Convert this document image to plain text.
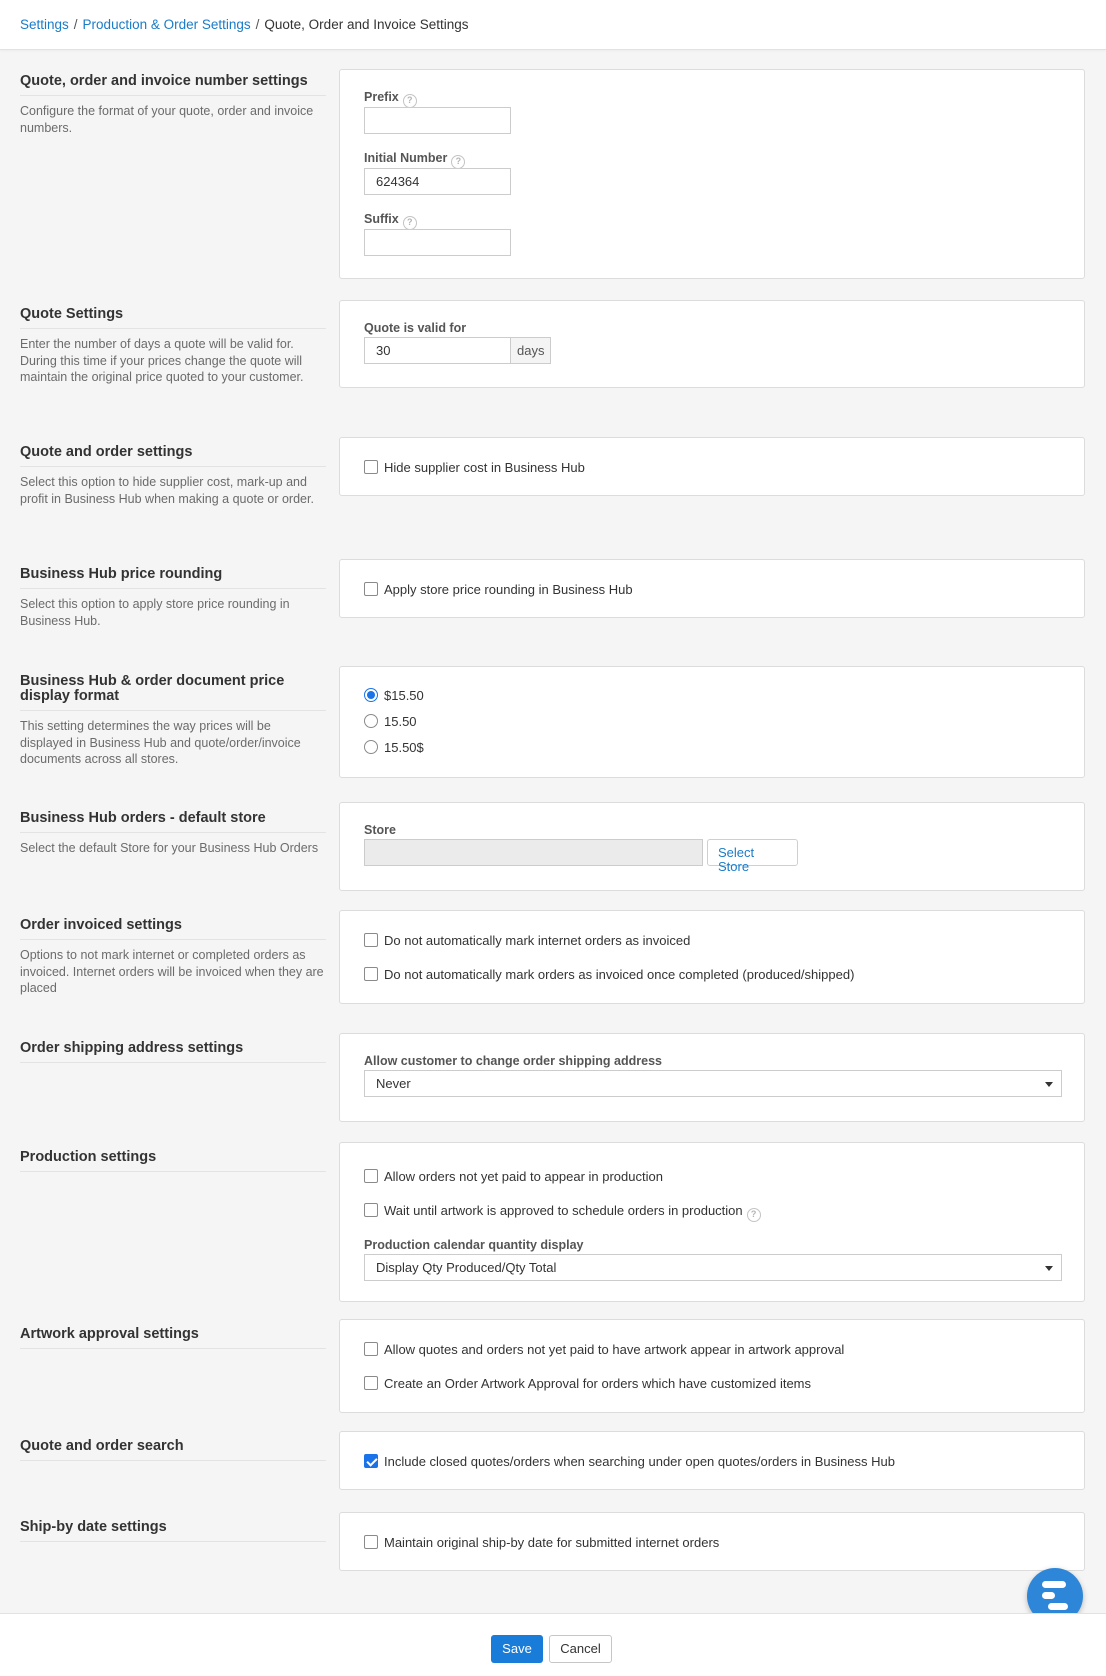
Settings / Production & Order Settings / Quote, Order and Invoice Settings
Quote, order and invoice number settings

Configure the format of your quote, order and invoice numbers.

Prefix ?
Initial Number ?
624364
Suffix ?
Quote Settings

Enter the number of days a quote will be valid for. During this time if your prices change the quote will maintain the original price quoted to your customer.

Quote is valid for
30	days
Quote and order settings

Select this option to hide supplier cost, mark-up and profit in Business Hub when making a quote or order.

Hide supplier cost in Business Hub
Business Hub price rounding

Select this option to apply store price rounding in Business Hub.

Apply store price rounding in Business Hub
Business Hub & order document price display format

This setting determines the way prices will be displayed in Business Hub and quote/order/invoice documents across all stores.

$15.50
15.50
15.50$
Business Hub orders - default store

Select the default Store for your Business Hub Orders

Store
Select Store
Order invoiced settings

Options to not mark internet or completed orders as invoiced. Internet orders will be invoiced when they are placed

Do not automatically mark internet orders as invoiced
Do not automatically mark orders as invoiced once completed (produced/shipped)
Order shipping address settings
Allow customer to change order shipping address
Never
Production settings
Allow orders not yet paid to appear in production
Wait until artwork is approved to schedule orders in production ?
Production calendar quantity display
Display Qty Produced/Qty Total
Artwork approval settings
Allow quotes and orders not yet paid to have artwork appear in artwork approval
Create an Order Artwork Approval for orders which have customized items
Quote and order search
Include closed quotes/orders when searching under open quotes/orders in Business Hub
Ship-by date settings
Maintain original ship-by date for submitted internet orders
Save	Cancel
